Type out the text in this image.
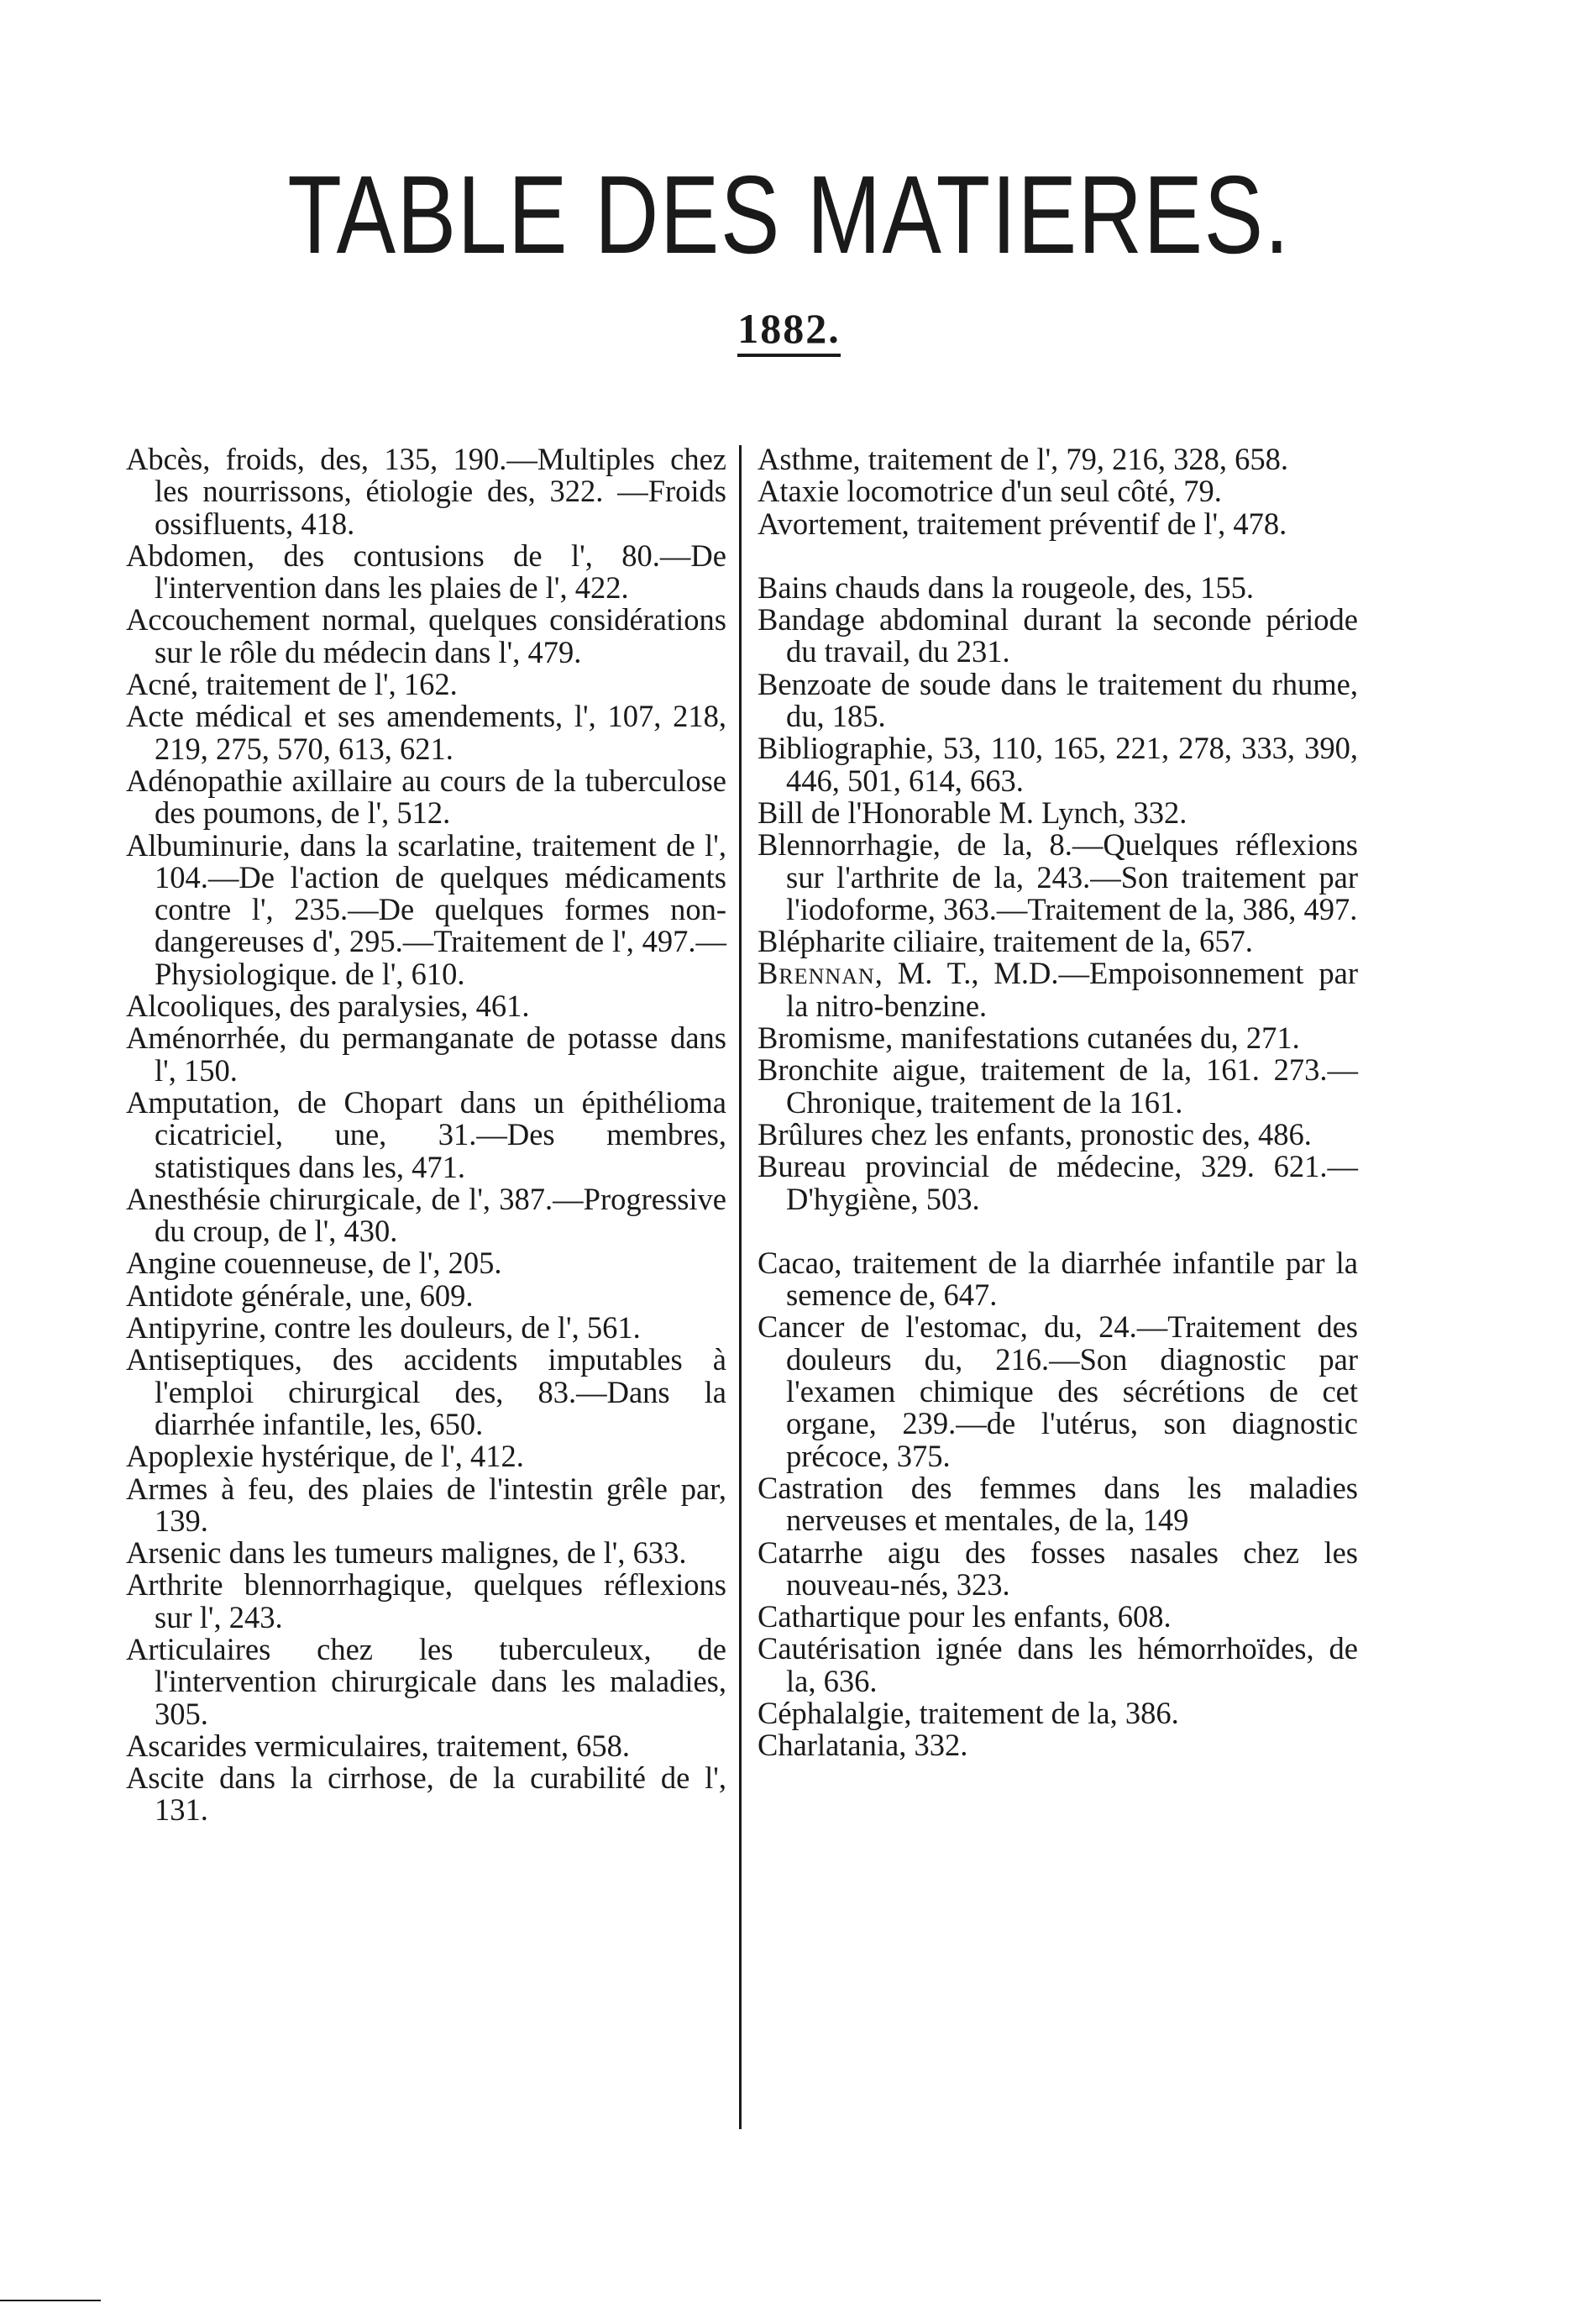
TABLE DES MATIERES.
1882.

Abcès, froids, des, 135, 190.—Multiples chez les nourrissons, étiologie des, 322. —Froids ossifluents, 418.

Abdomen, des contusions de l', 80.—De l'intervention dans les plaies de l', 422.

Accouchement normal, quelques considérations sur le rôle du médecin dans l', 479.

Acné, traitement de l', 162.

Acte médical et ses amendements, l', 107, 218, 219, 275, 570, 613, 621.

Adénopathie axillaire au cours de la tuberculose des poumons, de l', 512.

Albuminurie, dans la scarlatine, traitement de l', 104.—De l'action de quelques médicaments contre l', 235.—De quelques formes non-dangereuses d', 295.—Traitement de l', 497.—Physiologique. de l', 610.

Alcooliques, des paralysies, 461.

Aménorrhée, du permanganate de potasse dans l', 150.

Amputation, de Chopart dans un épithélioma cicatriciel, une, 31.—Des membres, statistiques dans les, 471.

Anesthésie chirurgicale, de l', 387.—Progressive du croup, de l', 430.

Angine couenneuse, de l', 205.

Antidote générale, une, 609.

Antipyrine, contre les douleurs, de l', 561.

Antiseptiques, des accidents imputables à l'emploi chirurgical des, 83.—Dans la diarrhée infantile, les, 650.

Apoplexie hystérique, de l', 412.

Armes à feu, des plaies de l'intestin grêle par, 139.

Arsenic dans les tumeurs malignes, de l', 633.

Arthrite blennorrhagique, quelques réflexions sur l', 243.

Articulaires chez les tuberculeux, de l'intervention chirurgicale dans les maladies, 305.

Ascarides vermiculaires, traitement, 658.

Ascite dans la cirrhose, de la curabilité de l', 131.

Asthme, traitement de l', 79, 216, 328, 658.

Ataxie locomotrice d'un seul côté, 79.

Avortement, traitement préventif de l', 478.

Bains chauds dans la rougeole, des, 155.

Bandage abdominal durant la seconde période du travail, du 231.

Benzoate de soude dans le traitement du rhume, du, 185.

Bibliographie, 53, 110, 165, 221, 278, 333, 390, 446, 501, 614, 663.

Bill de l'Honorable M. Lynch, 332.

Blennorrhagie, de la, 8.—Quelques réflexions sur l'arthrite de la, 243.—Son traitement par l'iodoforme, 363.—Traitement de la, 386, 497.

Blépharite ciliaire, traitement de la, 657.

Brennan, M. T., M.D.—Empoisonnement par la nitro-benzine.

Bromisme, manifestations cutanées du, 271.

Bronchite aigue, traitement de la, 161. 273.—Chronique, traitement de la 161.

Brûlures chez les enfants, pronostic des, 486.

Bureau provincial de médecine, 329. 621.—D'hygiène, 503.

Cacao, traitement de la diarrhée infantile par la semence de, 647.

Cancer de l'estomac, du, 24.—Traitement des douleurs du, 216.—Son diagnostic par l'examen chimique des sécrétions de cet organe, 239.—de l'utérus, son diagnostic précoce, 375.

Castration des femmes dans les maladies nerveuses et mentales, de la, 149

Catarrhe aigu des fosses nasales chez les nouveau-nés, 323.

Cathartique pour les enfants, 608.

Cautérisation ignée dans les hémorrhoïdes, de la, 636.

Céphalalgie, traitement de la, 386.

Charlatania, 332.
